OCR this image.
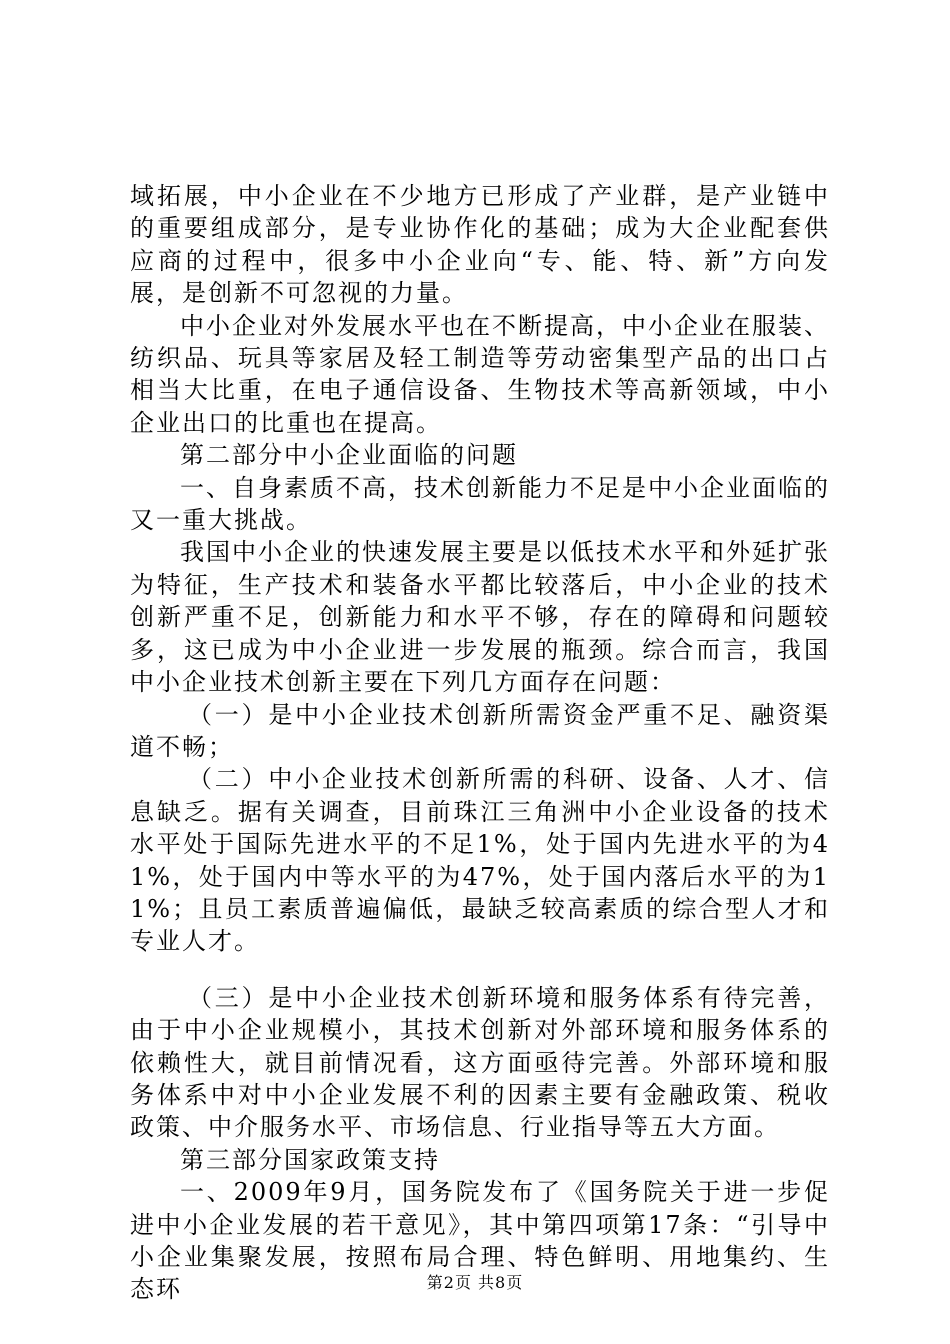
域拓展，中小企业在不少地方已形成了产业群，是产业链中的重要组成部分，是专业协作化的基础；成为大企业配套供应商的过程中，很多中小企业向“专、能、特、新”方向发展，是创新不可忽视的力量。

中小企业对外发展水平也在不断提高，中小企业在服装、纺织品、玩具等家居及轻工制造等劳动密集型产品的出口占相当大比重，在电子通信设备、生物技术等高新领域，中小企业出口的比重也在提高。

第二部分中小企业面临的问题

一、自身素质不高，技术创新能力不足是中小企业面临的又一重大挑战。

我国中小企业的快速发展主要是以低技术水平和外延扩张为特征，生产技术和装备水平都比较落后，中小企业的技术创新严重不足，创新能力和水平不够，存在的障碍和问题较多，这已成为中小企业进一步发展的瓶颈。综合而言，我国中小企业技术创新主要在下列几方面存在问题：

（一）是中小企业技术创新所需资金严重不足、融资渠道不畅；

（二）中小企业技术创新所需的科研、设备、人才、信息缺乏。据有关调查，目前珠江三角洲中小企业设备的技术水平处于国际先进水平的不足1%，处于国内先进水平的为41%，处于国内中等水平的为47%，处于国内落后水平的为11%；且员工素质普遍偏低，最缺乏较高素质的综合型人才和专业人才。

（三）是中小企业技术创新环境和服务体系有待完善，由于中小企业规模小，其技术创新对外部环境和服务体系的依赖性大，就目前情况看，这方面亟待完善。外部环境和服务体系中对中小企业发展不利的因素主要有金融政策、税收政策、中介服务水平、市场信息、行业指导等五大方面。

第三部分国家政策支持

一、2009年9月，国务院发布了《国务院关于进一步促进中小企业发展的若干意见》，其中第四项第17条：“引导中小企业集聚发展，按照布局合理、特色鲜明、用地集约、生态环	第2页 共8页
